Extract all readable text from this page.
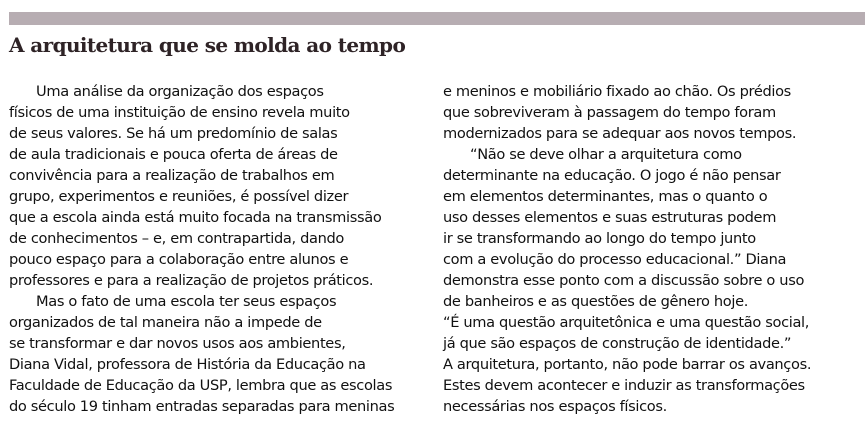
A arquitetura que se molda ao tempo
Uma análise da organização dos espaços
físicos de uma instituição de ensino revela muito
de seus valores. Se há um predomínio de salas
de aula tradicionais e pouca oferta de áreas de
convivência para a realização de trabalhos em
grupo, experimentos e reuniões, é possível dizer
que a escola ainda está muito focada na transmissão
de conhecimentos – e, em contrapartida, dando
pouco espaço para a colaboração entre alunos e
professores e para a realização de projetos práticos.
Mas o fato de uma escola ter seus espaços
organizados de tal maneira não a impede de
se transformar e dar novos usos aos ambientes,
Diana Vidal, professora de História da Educação na
Faculdade de Educação da USP, lembra que as escolas
do século 19 tinham entradas separadas para meninas
e meninos e mobiliário fixado ao chão. Os prédios
que sobreviveram à passagem do tempo foram
modernizados para se adequar aos novos tempos.
“Não se deve olhar a arquitetura como
determinante na educação. O jogo é não pensar
em elementos determinantes, mas o quanto o
uso desses elementos e suas estruturas podem
ir se transformando ao longo do tempo junto
com a evolução do processo educacional.” Diana
demonstra esse ponto com a discussão sobre o uso
de banheiros e as questões de gênero hoje.
“É uma questão arquitetônica e uma questão social,
já que são espaços de construção de identidade.”
A arquitetura, portanto, não pode barrar os avanços.
Estes devem acontecer e induzir as transformações
necessárias nos espaços físicos.
